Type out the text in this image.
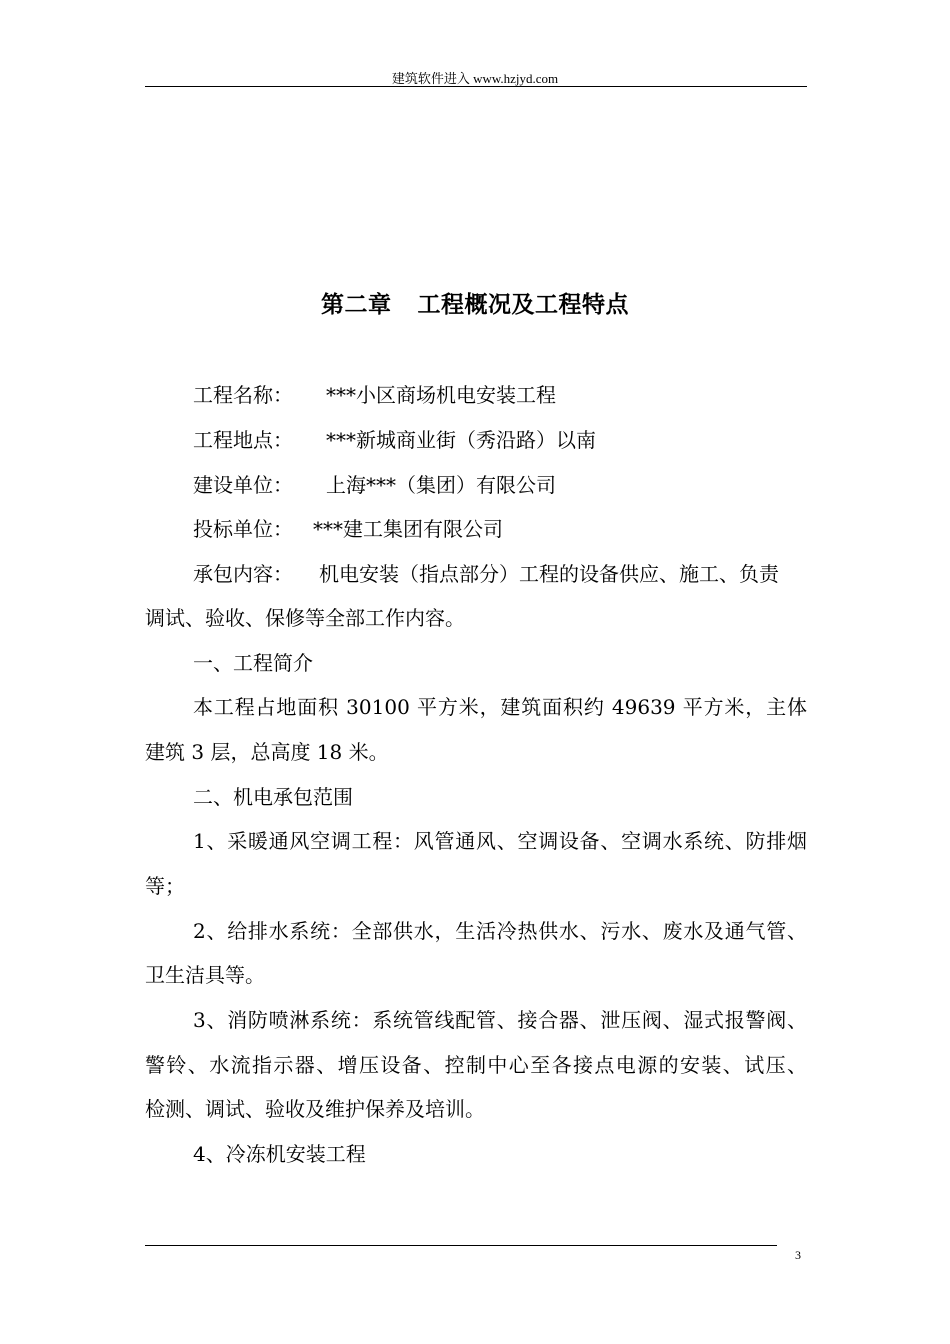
建筑软件进入 www.hzjyd.com
第二章 工程概况及工程特点
工程名称： ***小区商场机电安装工程
工程地点： ***新城商业街（秀沿路）以南
建设单位： 上海***（集团）有限公司
投标单位： ***建工集团有限公司
承包内容： 机电安装（指点部分）工程的设备供应、施工、负责
调试、验收、保修等全部工作内容。
一、工程简介
本工程占地面积 30100 平方米，建筑面积约 49639 平方米，主体
建筑 3 层，总高度 18 米。
二、机电承包范围
1、采暖通风空调工程：风管通风、空调设备、空调水系统、防排烟
等；
2、给排水系统：全部供水，生活冷热供水、污水、废水及通气管、
卫生洁具等。
3、消防喷淋系统：系统管线配管、接合器、泄压阀、湿式报警阀、
警铃、水流指示器、增压设备、控制中心至各接点电源的安装、试压、
检测、调试、验收及维护保养及培训。
4、冷冻机安装工程
3
